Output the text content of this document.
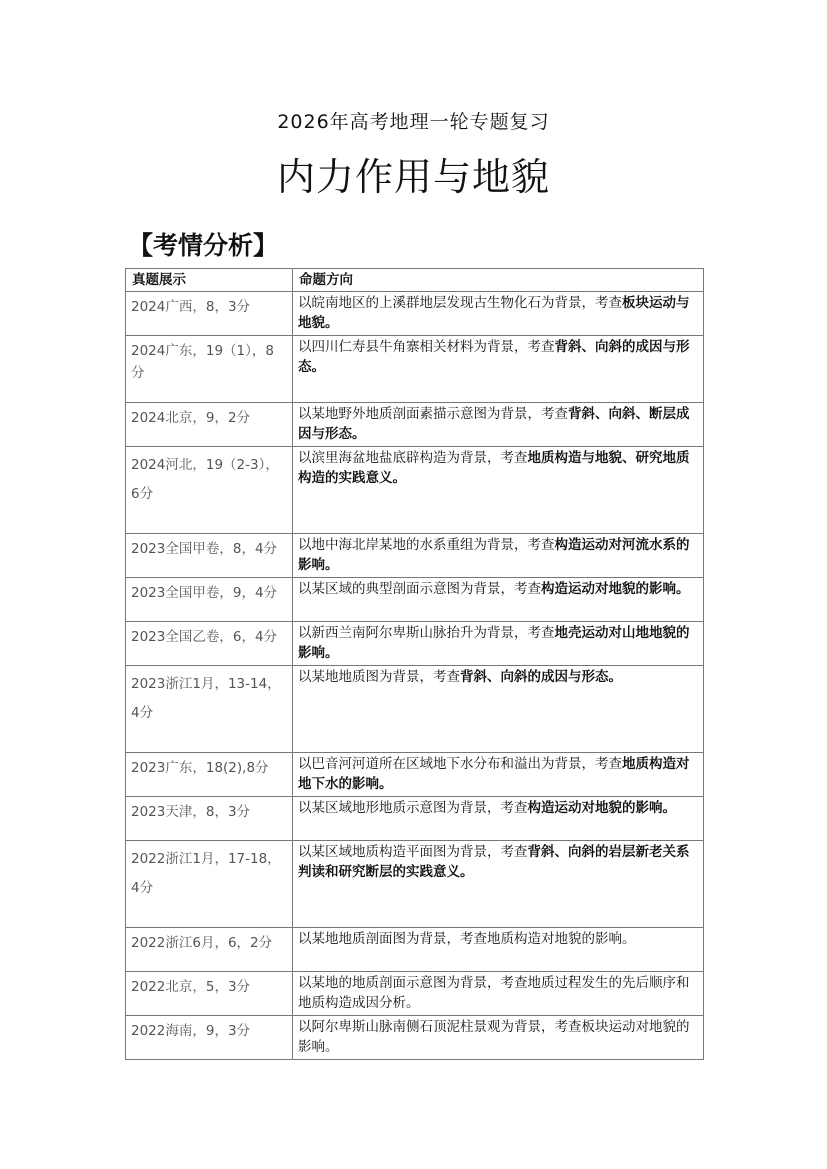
2026年高考地理一轮专题复习
内力作用与地貌
【考情分析】
真题展示	命题方向
2024广西，8，3分	以皖南地区的上溪群地层发现古生物化石为背景，考查板块运动与地貌。
2024广东，19（1），8分	以四川仁寿县牛角寨相关材料为背景，考查背斜、向斜的成因与形态。
2024北京，9，2分	以某地野外地质剖面素描示意图为背景，考查背斜、向斜、断层成因与形态。
2024河北，19（2-3），6分	以滨里海盆地盐底辟构造为背景，考查地质构造与地貌、研究地质构造的实践意义。
2023全国甲卷，8，4分	以地中海北岸某地的水系重组为背景，考查构造运动对河流水系的影响。
2023全国甲卷，9，4分	以某区域的典型剖面示意图为背景，考查构造运动对地貌的影响。
2023全国乙卷，6，4分	以新西兰南阿尔卑斯山脉抬升为背景，考查地壳运动对山地地貌的影响。
2023浙江1月，13-14，4分	以某地地质图为背景，考查背斜、向斜的成因与形态。
2023广东，18(2),8分	以巴音河河道所在区域地下水分布和溢出为背景，考查地质构造对地下水的影响。
2023天津，8，3分	以某区域地形地质示意图为背景，考查构造运动对地貌的影响。
2022浙江1月，17-18，4分	以某区域地质构造平面图为背景，考查背斜、向斜的岩层新老关系判读和研究断层的实践意义。
2022浙江6月，6，2分	以某地地质剖面图为背景，考查地质构造对地貌的影响。
2022北京，5，3分	以某地的地质剖面示意图为背景，考查地质过程发生的先后顺序和地质构造成因分析。
2022海南，9，3分	以阿尔卑斯山脉南侧石顶泥柱景观为背景，考查板块运动对地貌的影响。
